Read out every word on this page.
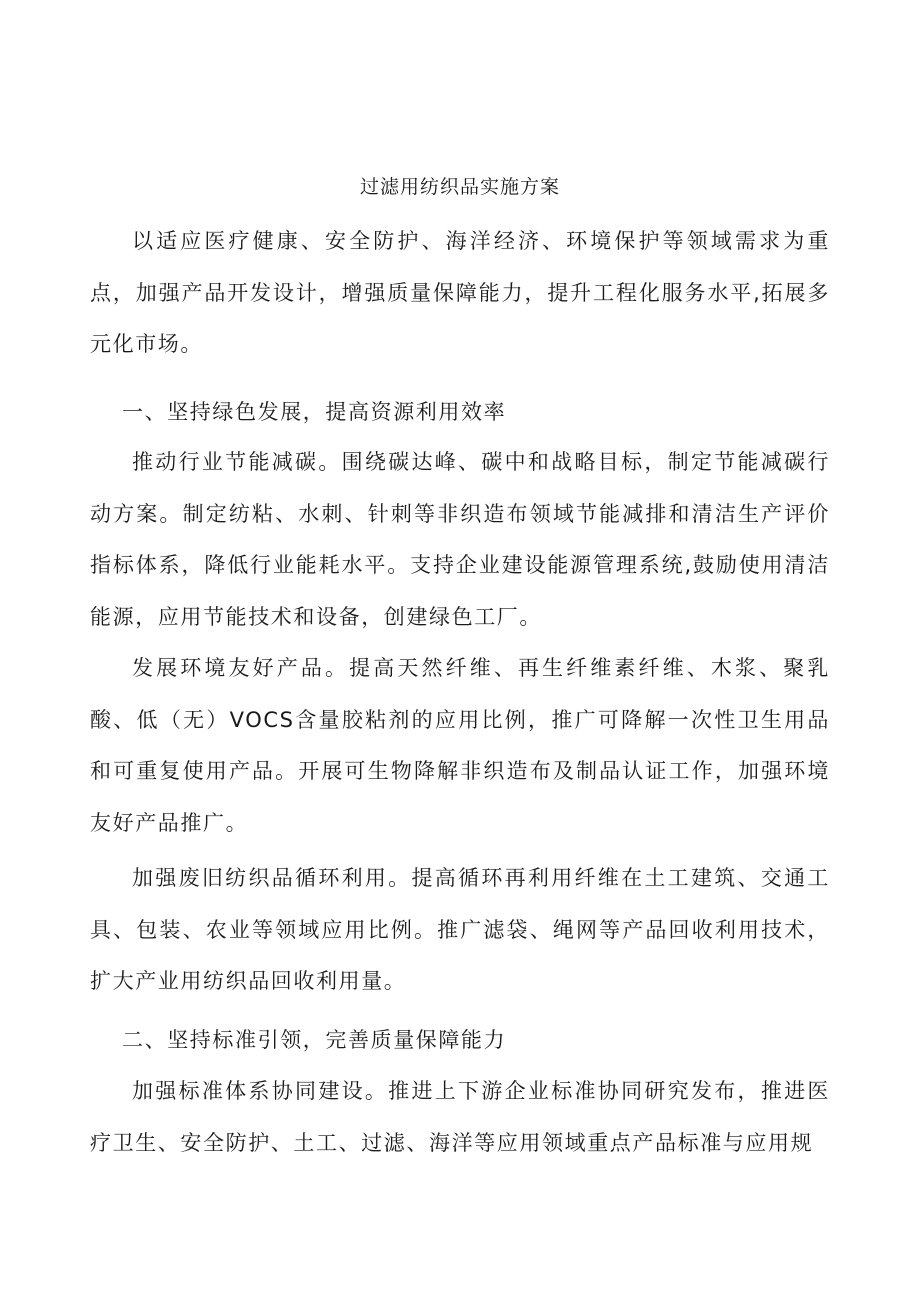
过滤用纺织品实施方案

以适应医疗健康、安全防护、海洋经济、环境保护等领域需求为重点，加强产品开发设计，增强质量保障能力，提升工程化服务水平,拓展多元化市场。

一、坚持绿色发展，提高资源利用效率

推动行业节能减碳。围绕碳达峰、碳中和战略目标，制定节能减碳行动方案。制定纺粘、水刺、针刺等非织造布领域节能减排和清洁生产评价指标体系，降低行业能耗水平。支持企业建设能源管理系统,鼓励使用清洁能源，应用节能技术和设备，创建绿色工厂。

发展环境友好产品。提高天然纤维、再生纤维素纤维、木浆、聚乳酸、低（无）VOCS含量胶粘剂的应用比例，推广可降解一次性卫生用品和可重复使用产品。开展可生物降解非织造布及制品认证工作，加强环境友好产品推广。

加强废旧纺织品循环利用。提高循环再利用纤维在土工建筑、交通工具、包装、农业等领域应用比例。推广滤袋、绳网等产品回收利用技术，扩大产业用纺织品回收利用量。

二、坚持标准引领，完善质量保障能力

加强标准体系协同建设。推进上下游企业标准协同研究发布，推进医疗卫生、安全防护、土工、过滤、海洋等应用领域重点产品标准与应用规
